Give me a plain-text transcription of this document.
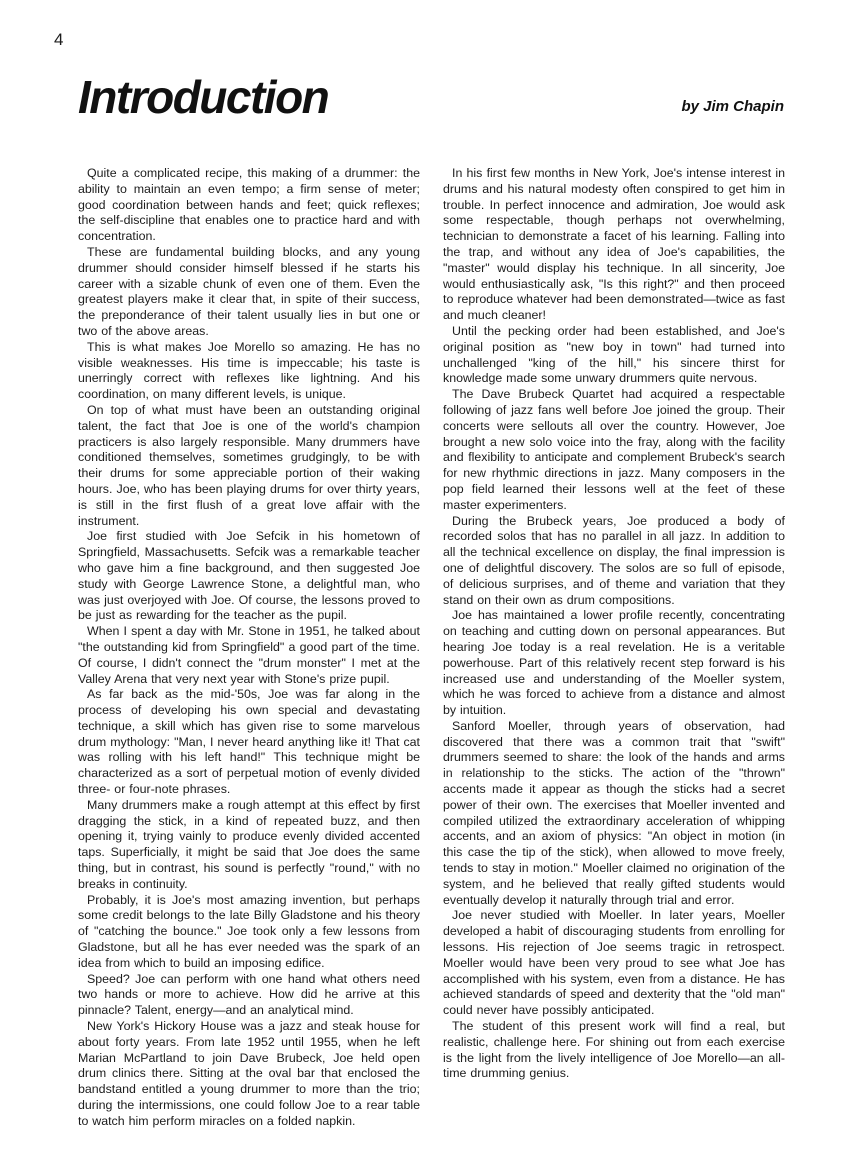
4
Introduction	by Jim Chapin

Quite a complicated recipe, this making of a drummer: the ability to maintain an even tempo; a firm sense of meter; good coordination between hands and feet; quick reflexes; the self-discipline that enables one to practice hard and with concentration.

These are fundamental building blocks, and any young drummer should consider himself blessed if he starts his career with a sizable chunk of even one of them. Even the greatest players make it clear that, in spite of their success, the preponderance of their talent usually lies in but one or two of the above areas.

This is what makes Joe Morello so amazing. He has no visible weaknesses. His time is impeccable; his taste is unerringly correct with reflexes like lightning. And his coordination, on many different levels, is unique.

On top of what must have been an outstanding original talent, the fact that Joe is one of the world's champion practicers is also largely responsible. Many drummers have conditioned themselves, sometimes grudgingly, to be with their drums for some appreciable portion of their waking hours. Joe, who has been playing drums for over thirty years, is still in the first flush of a great love affair with the instrument.

Joe first studied with Joe Sefcik in his hometown of Springfield, Massachusetts. Sefcik was a remarkable teacher who gave him a fine background, and then suggested Joe study with George Lawrence Stone, a delightful man, who was just overjoyed with Joe. Of course, the lessons proved to be just as rewarding for the teacher as the pupil.

When I spent a day with Mr. Stone in 1951, he talked about "the outstanding kid from Springfield" a good part of the time. Of course, I didn't connect the "drum monster" I met at the Valley Arena that very next year with Stone's prize pupil.

As far back as the mid-'50s, Joe was far along in the process of developing his own special and devastating technique, a skill which has given rise to some marvelous drum mythology: "Man, I never heard anything like it! That cat was rolling with his left hand!" This technique might be characterized as a sort of perpetual motion of evenly divided three- or four-note phrases.

Many drummers make a rough attempt at this effect by first dragging the stick, in a kind of repeated buzz, and then opening it, trying vainly to produce evenly divided accented taps. Superficially, it might be said that Joe does the same thing, but in contrast, his sound is perfectly "round," with no breaks in continuity.

Probably, it is Joe's most amazing invention, but perhaps some credit belongs to the late Billy Gladstone and his theory of "catching the bounce." Joe took only a few lessons from Gladstone, but all he has ever needed was the spark of an idea from which to build an imposing edifice.

Speed? Joe can perform with one hand what others need two hands or more to achieve. How did he arrive at this pinnacle? Talent, energy—and an analytical mind.

New York's Hickory House was a jazz and steak house for about forty years. From late 1952 until 1955, when he left Marian McPartland to join Dave Brubeck, Joe held open drum clinics there. Sitting at the oval bar that enclosed the bandstand entitled a young drummer to more than the trio; during the intermissions, one could follow Joe to a rear table to watch him perform miracles on a folded napkin.

In his first few months in New York, Joe's intense interest in drums and his natural modesty often conspired to get him in trouble. In perfect innocence and admiration, Joe would ask some respectable, though perhaps not overwhelming, technician to demonstrate a facet of his learning. Falling into the trap, and without any idea of Joe's capabilities, the "master" would display his technique. In all sincerity, Joe would enthusiastically ask, "Is this right?" and then proceed to reproduce whatever had been demonstrated—twice as fast and much cleaner!

Until the pecking order had been established, and Joe's original position as "new boy in town" had turned into unchallenged "king of the hill," his sincere thirst for knowledge made some unwary drummers quite nervous.

The Dave Brubeck Quartet had acquired a respectable following of jazz fans well before Joe joined the group. Their concerts were sellouts all over the country. However, Joe brought a new solo voice into the fray, along with the facility and flexibility to anticipate and complement Brubeck's search for new rhythmic directions in jazz. Many composers in the pop field learned their lessons well at the feet of these master experimenters.

During the Brubeck years, Joe produced a body of recorded solos that has no parallel in all jazz. In addition to all the technical excellence on display, the final impression is one of delightful discovery. The solos are so full of episode, of delicious surprises, and of theme and variation that they stand on their own as drum compositions.

Joe has maintained a lower profile recently, concentrating on teaching and cutting down on personal appearances. But hearing Joe today is a real revelation. He is a veritable powerhouse. Part of this relatively recent step forward is his increased use and understanding of the Moeller system, which he was forced to achieve from a distance and almost by intuition.

Sanford Moeller, through years of observation, had discovered that there was a common trait that "swift" drummers seemed to share: the look of the hands and arms in relationship to the sticks. The action of the "thrown" accents made it appear as though the sticks had a secret power of their own. The exercises that Moeller invented and compiled utilized the extraordinary acceleration of whipping accents, and an axiom of physics: "An object in motion (in this case the tip of the stick), when allowed to move freely, tends to stay in motion." Moeller claimed no origination of the system, and he believed that really gifted students would eventually develop it naturally through trial and error.

Joe never studied with Moeller. In later years, Moeller developed a habit of discouraging students from enrolling for lessons. His rejection of Joe seems tragic in retrospect. Moeller would have been very proud to see what Joe has accomplished with his system, even from a distance. He has achieved standards of speed and dexterity that the "old man" could never have possibly anticipated.

The student of this present work will find a real, but realistic, challenge here. For shining out from each exercise is the light from the lively intelligence of Joe Morello—an all-time drumming genius.
